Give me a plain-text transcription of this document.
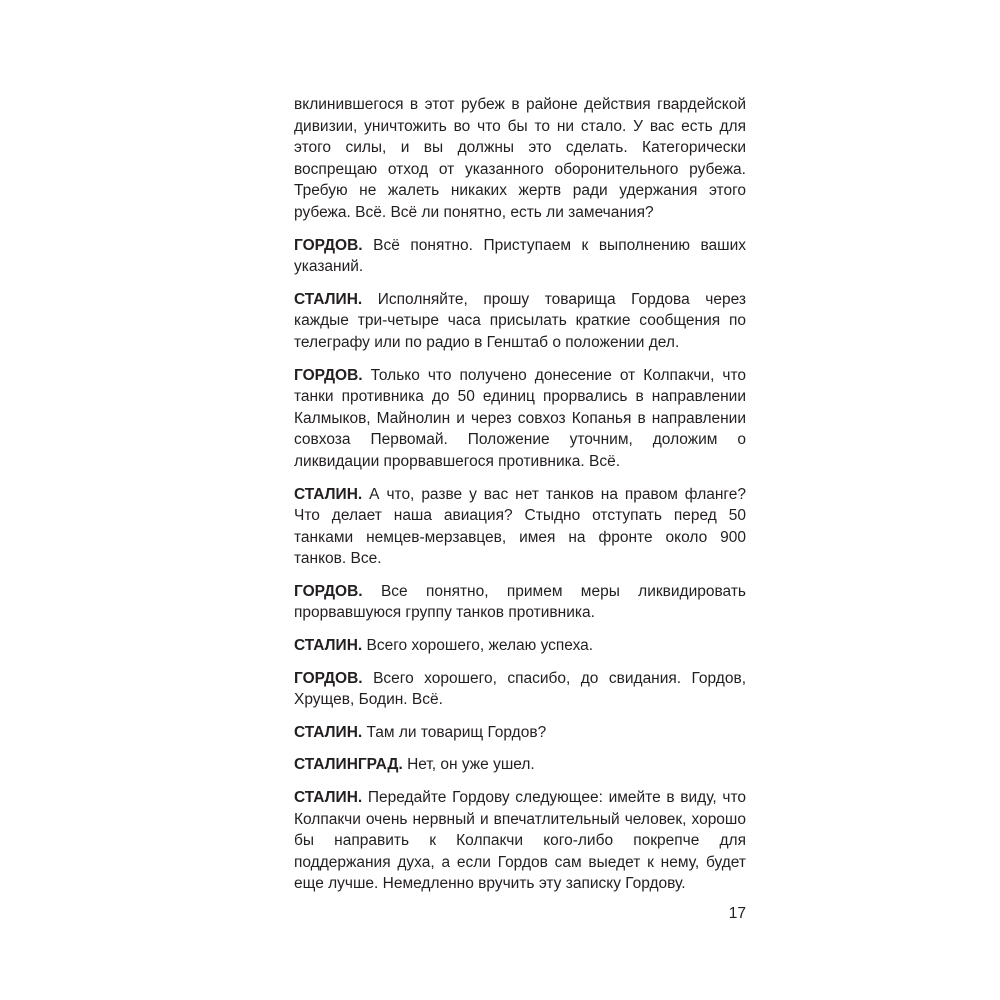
вклинившегося в этот рубеж в районе действия гвардейской дивизии, уничтожить во что бы то ни стало. У вас есть для этого силы, и вы должны это сделать. Категорически воспрещаю отход от указанного оборонительного рубежа. Требую не жалеть никаких жертв ради удержания этого рубежа. Всё. Всё ли понятно, есть ли замечания?

ГОРДОВ. Всё понятно. Приступаем к выполнению ваших указаний.

СТАЛИН. Исполняйте, прошу товарища Гордова через каждые три-четыре часа присылать краткие сообщения по телеграфу или по радио в Генштаб о положении дел.

ГОРДОВ. Только что получено донесение от Колпакчи, что танки противника до 50 единиц прорвались в направлении Калмыков, Майнолин и через совхоз Копанья в направлении совхоза Первомай. Положение уточним, доложим о ликвидации прорвавшегося противника. Всё.

СТАЛИН. А что, разве у вас нет танков на правом фланге? Что делает наша авиация? Стыдно отступать перед 50 танками немцев-мерзавцев, имея на фронте около 900 танков. Все.

ГОРДОВ. Все понятно, примем меры ликвидировать прорвавшуюся группу танков противника.

СТАЛИН. Всего хорошего, желаю успеха.

ГОРДОВ. Всего хорошего, спасибо, до свидания. Гордов, Хрущев, Бодин. Всё.

СТАЛИН. Там ли товарищ Гордов?

СТАЛИНГРАД. Нет, он уже ушел.

СТАЛИН. Передайте Гордову следующее: имейте в виду, что Колпакчи очень нервный и впечатлительный человек, хорошо бы направить к Колпакчи кого-либо покрепче для поддержания духа, а если Гордов сам выедет к нему, будет еще лучше. Немедленно вручить эту записку Гордову.

17
